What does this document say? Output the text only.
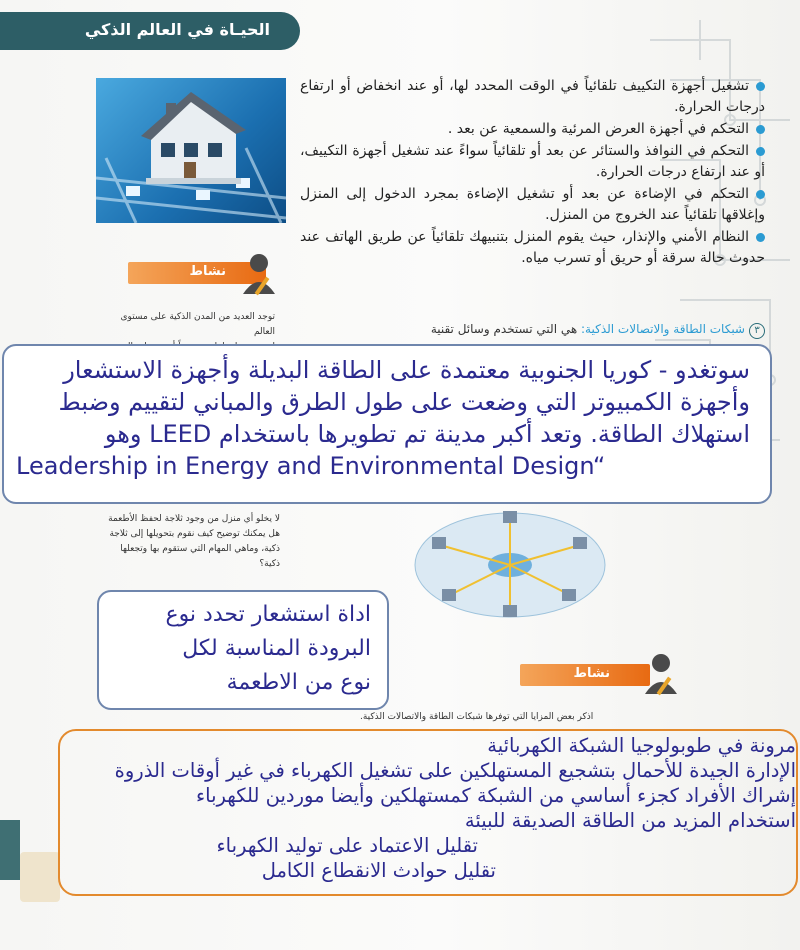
الحيـاة في العالم الذكي

تشغيل أجهزة التكييف تلقائياً في الوقت المحدد لها، أو عند انخفاض أو ارتفاع درجات الحرارة.

التحكم في أجهزة العرض المرئية والسمعية عن بعد .

التحكم في النوافذ والستائر عن بعد أو تلقائياً سواءً عند تشغيل أجهزة التكييف، أو عند ارتفاع درجات الحرارة.

التحكم في الإضاءة عن بعد أو تشغيل الإضاءة بمجرد الدخول إلى المنزل وإغلاقها تلقائياً عند الخروج من المنزل.

النظام الأمني والإنذار، حيث يقوم المنزل بتنبيهك تلقائياً عن طريق الهاتف عند حدوث حالة سرقة أو حريق أو تسرب مياه.

نشاط
توجد العديد من المدن الذكية على مستوى العالم	٣شبكات الطاقة والاتصالات الذكية: هي التي تستخدم وسائل تقنية
سوتغدو - كوريا الجنوبية معتمدة على الطاقة البديلة وأجهزة الاستشعار
وأجهزة الكمبيوتر التي وضعت على طول الطرق والمباني لتقييم وضبط
استهلاك الطاقة. وتعد أكبر مدينة تم تطويرها باستخدام LEED وهو
Leadership in Energy and Environmental Design“
لا يخلو أي منزل من وجود ثلاجة لحفظ الأطعمة
هل يمكنك توضيح كيف نقوم بتحويلها إلى ثلاجة
ذكية، وماهي المهام التي ستقوم بها وتجعلها
ذكية؟
اداة استشعار تحدد نوع
البرودة المناسبة لكل
نوع من الاطعمة	نشاط
اذكر بعض المزايا التي توفرها شبكات الطاقة والاتصالات الذكية.
مرونة في طوبولوجيا الشبكة الكهربائية
الإدارة الجيدة للأحمال بتشجيع المستهلكين على تشغيل الكهرباء في غير أوقات الذروة
إشراك الأفراد كجزء أساسي من الشبكة كمستهلكين وأيضا موردين للكهرباء
استخدام المزيد من الطاقة الصديقة للبيئة
تقليل الاعتماد على توليد الكهرباء
تقليل حوادث الانقطاع الكامل
